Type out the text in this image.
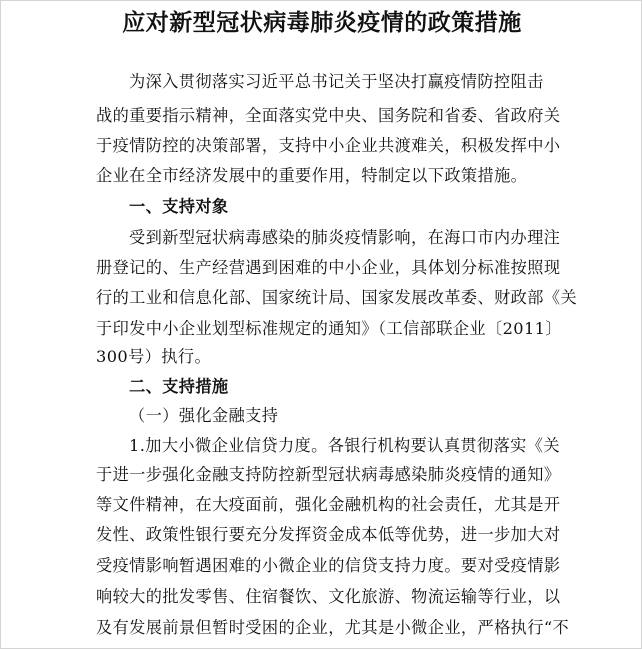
应对新型冠状病毒肺炎疫情的政策措施
为深入贯彻落实习近平总书记关于坚决打赢疫情防控阻击
战的重要指示精神，全面落实党中央、国务院和省委、省政府关
于疫情防控的决策部署，支持中小企业共渡难关，积极发挥中小
企业在全市经济发展中的重要作用，特制定以下政策措施。
一、支持对象
受到新型冠状病毒感染的肺炎疫情影响，在海口市内办理注
册登记的、生产经营遇到困难的中小企业，具体划分标准按照现
行的工业和信息化部、国家统计局、国家发展改革委、财政部《关
于印发中小企业划型标准规定的通知》（工信部联企业〔2011〕
300号）执行。
二、支持措施
（一）强化金融支持
1.加大小微企业信贷力度。各银行机构要认真贯彻落实《关
于进一步强化金融支持防控新型冠状病毒感染肺炎疫情的通知》
等文件精神，在大疫面前，强化金融机构的社会责任，尤其是开
发性、政策性银行要充分发挥资金成本低等优势，进一步加大对
受疫情影响暂遇困难的小微企业的信贷支持力度。要对受疫情影
响较大的批发零售、住宿餐饮、文化旅游、物流运输等行业，以
及有发展前景但暂时受困的企业，尤其是小微企业，严格执行“不
